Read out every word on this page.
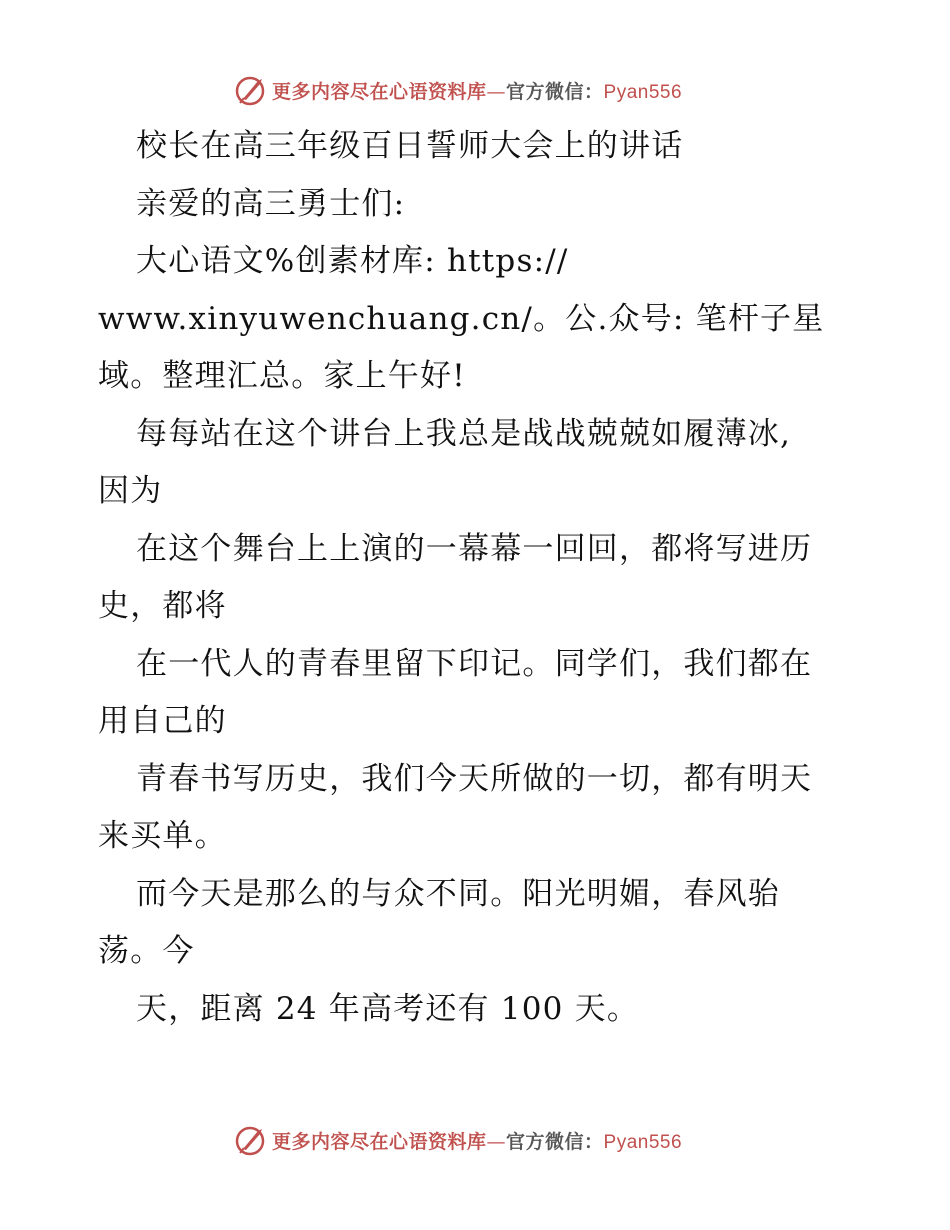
更多内容尽在心语资料库—官方微信：Pyan556
校长在高三年级百日誓师大会上的讲话
亲爱的高三勇士们:
大心语文%创素材库: https://
www.xinyuwenchuang.cn/。公.众号: 笔杆子星
域。整理汇总。家上午好!
每每站在这个讲台上我总是战战兢兢如履薄冰,
因为
在这个舞台上上演的一幕幕一回回，都将写进历
史，都将
在一代人的青春里留下印记。同学们，我们都在
用自己的
青春书写历史，我们今天所做的一切，都有明天
来买单。
而今天是那么的与众不同。阳光明媚，春风骀
荡。今
天，距离 24 年高考还有 100 天。
更多内容尽在心语资料库—官方微信：Pyan556
